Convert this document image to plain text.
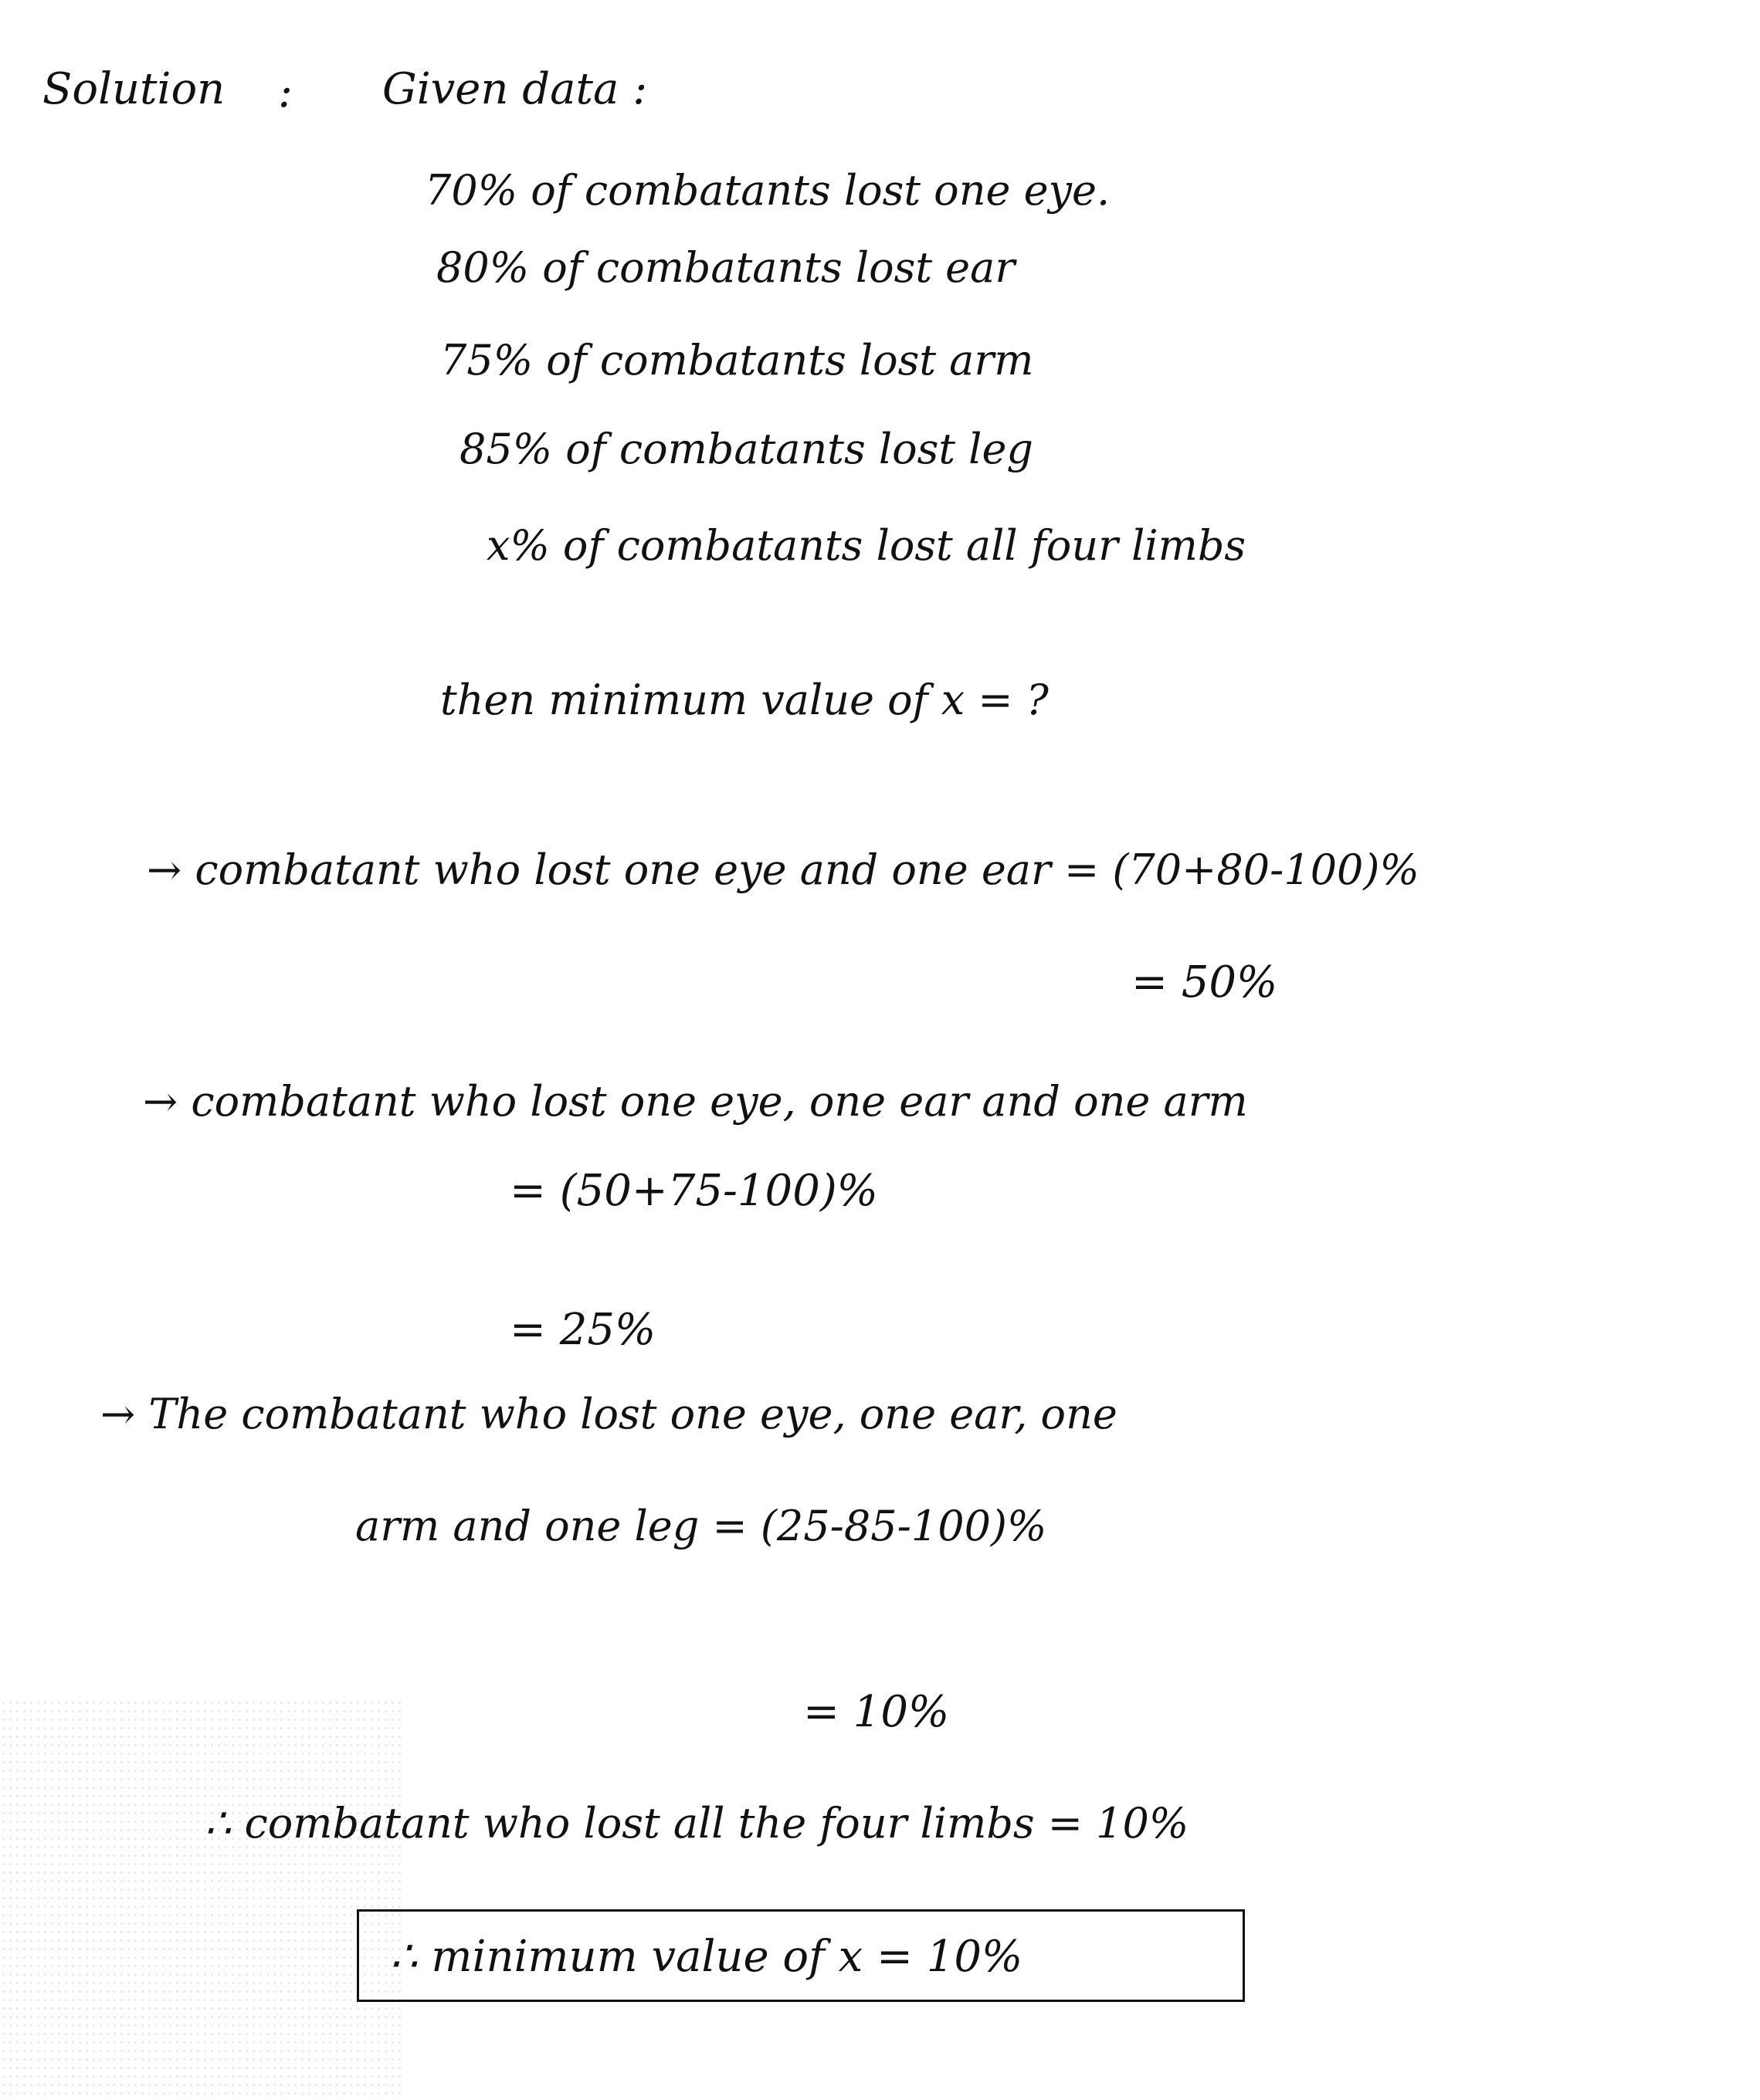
Solution : Given data :
70% of combatants lost one eye.
80% of combatants lost ear
75% of combatants lost arm
85% of combatants lost leg
x% of combatants lost all four limbs
then minimum value of x = ?
→ combatant who lost one eye and one ear = (70+80-100)%
= 50%
→ combatant who lost one eye, one ear and one arm
= (50+75-100)%
= 25%
→ The combatant who lost one eye, one ear, one
arm and one leg = (25-85-100)%
= 10%
∴ combatant who lost all the four limbs = 10%
∴ minimum value of x = 10%
